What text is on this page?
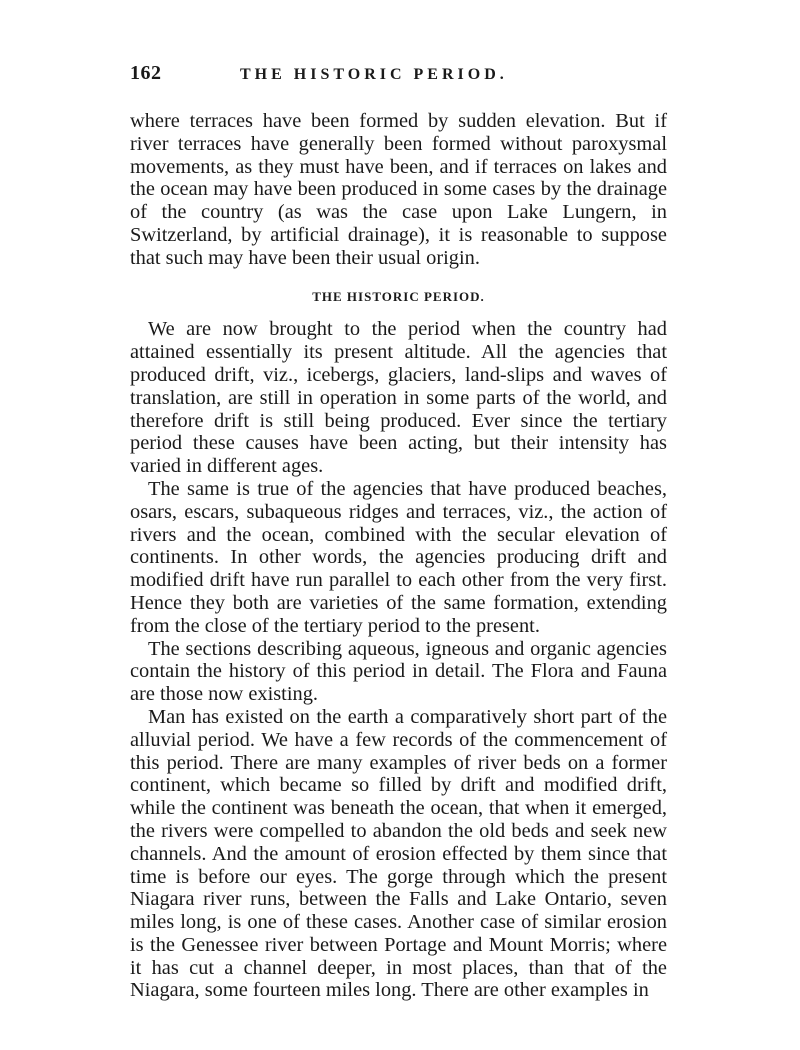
162	THE HISTORIC PERIOD.

where terraces have been formed by sudden elevation. But if river terraces have generally been formed without paroxysmal movements, as they must have been, and if terraces on lakes and the ocean may have been produced in some cases by the drainage of the country (as was the case upon Lake Lungern, in Switzerland, by artificial drainage), it is reasonable to suppose that such may have been their usual origin.

THE HISTORIC PERIOD.

We are now brought to the period when the country had attained essentially its present altitude. All the agencies that produced drift, viz., icebergs, glaciers, land-slips and waves of translation, are still in operation in some parts of the world, and therefore drift is still being produced. Ever since the tertiary period these causes have been acting, but their intensity has varied in different ages.

The same is true of the agencies that have produced beaches, osars, escars, subaqueous ridges and terraces, viz., the action of rivers and the ocean, combined with the secular elevation of continents. In other words, the agencies producing drift and modified drift have run parallel to each other from the very first. Hence they both are varieties of the same formation, extending from the close of the tertiary period to the present.

The sections describing aqueous, igneous and organic agencies contain the history of this period in detail. The Flora and Fauna are those now existing.

Man has existed on the earth a comparatively short part of the alluvial period. We have a few records of the commencement of this period. There are many examples of river beds on a former continent, which became so filled by drift and modified drift, while the continent was beneath the ocean, that when it emerged, the rivers were compelled to abandon the old beds and seek new channels. And the amount of erosion effected by them since that time is before our eyes. The gorge through which the present Niagara river runs, between the Falls and Lake Ontario, seven miles long, is one of these cases. Another case of similar erosion is the Genessee river between Portage and Mount Morris; where it has cut a channel deeper, in most places, than that of the Niagara, some fourteen miles long. There are other examples in
